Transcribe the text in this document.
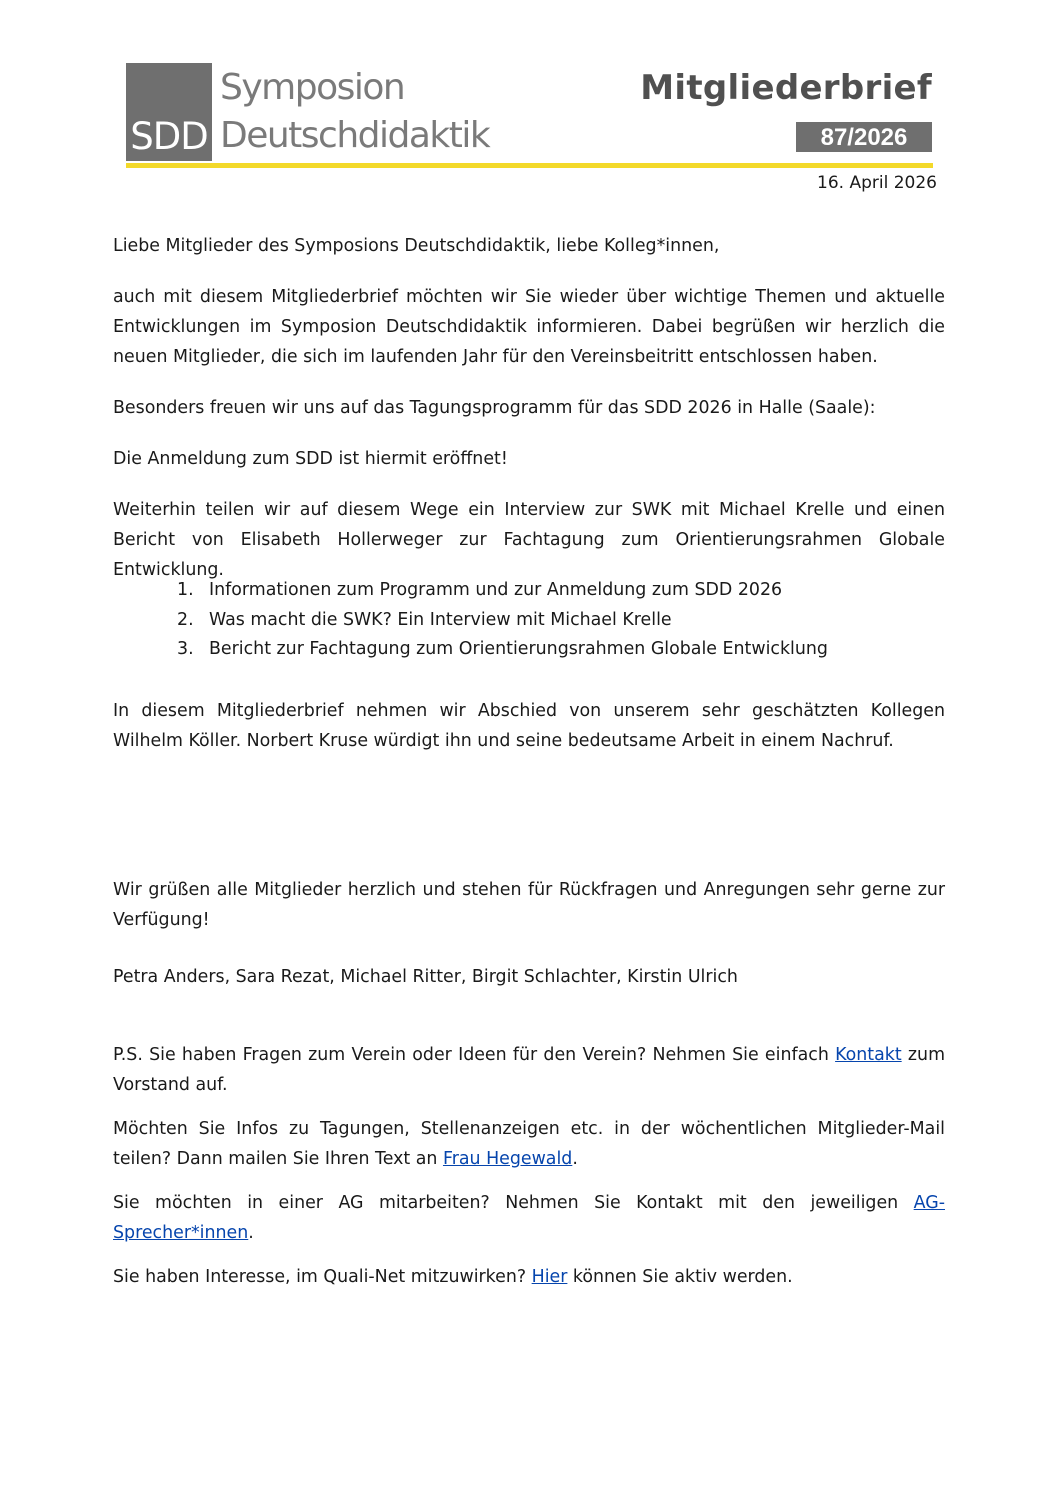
SDD
Symposion
Deutschdidaktik
Mitgliederbrief
87/2026
16. April 2026

Liebe Mitglieder des Symposions Deutschdidaktik, liebe Kolleg*innen,

auch mit diesem Mitgliederbrief möchten wir Sie wieder über wichtige Themen und aktuelle Entwicklungen im Symposion Deutschdidaktik informieren. Dabei begrüßen wir herzlich die neuen Mitglieder, die sich im laufenden Jahr für den Vereinsbeitritt entschlossen haben.

Besonders freuen wir uns auf das Tagungsprogramm für das SDD 2026 in Halle (Saale):

Die Anmeldung zum SDD ist hiermit eröffnet!

Weiterhin teilen wir auf diesem Wege ein Interview zur SWK mit Michael Krelle und einen Bericht von Elisabeth Hollerweger zur Fachtagung zum Orientierungsrahmen Globale Entwicklung.

1. Informationen zum Programm und zur Anmeldung zum SDD 2026
2. Was macht die SWK? Ein Interview mit Michael Krelle
3. Bericht zur Fachtagung zum Orientierungsrahmen Globale Entwicklung

In diesem Mitgliederbrief nehmen wir Abschied von unserem sehr geschätzten Kollegen Wilhelm Köller. Norbert Kruse würdigt ihn und seine bedeutsame Arbeit in einem Nachruf.

Wir grüßen alle Mitglieder herzlich und stehen für Rückfragen und Anregungen sehr gerne zur Verfügung!

Petra Anders, Sara Rezat, Michael Ritter, Birgit Schlachter, Kirstin Ulrich

P.S. Sie haben Fragen zum Verein oder Ideen für den Verein? Nehmen Sie einfach Kontakt zum Vorstand auf.

Möchten Sie Infos zu Tagungen, Stellenanzeigen etc. in der wöchentlichen Mitglieder-Mail teilen? Dann mailen Sie Ihren Text an Frau Hegewald.

Sie möchten in einer AG mitarbeiten? Nehmen Sie Kontakt mit den jeweiligen AG-Sprecher*innen.

Sie haben Interesse, im Quali-Net mitzuwirken? Hier können Sie aktiv werden.
